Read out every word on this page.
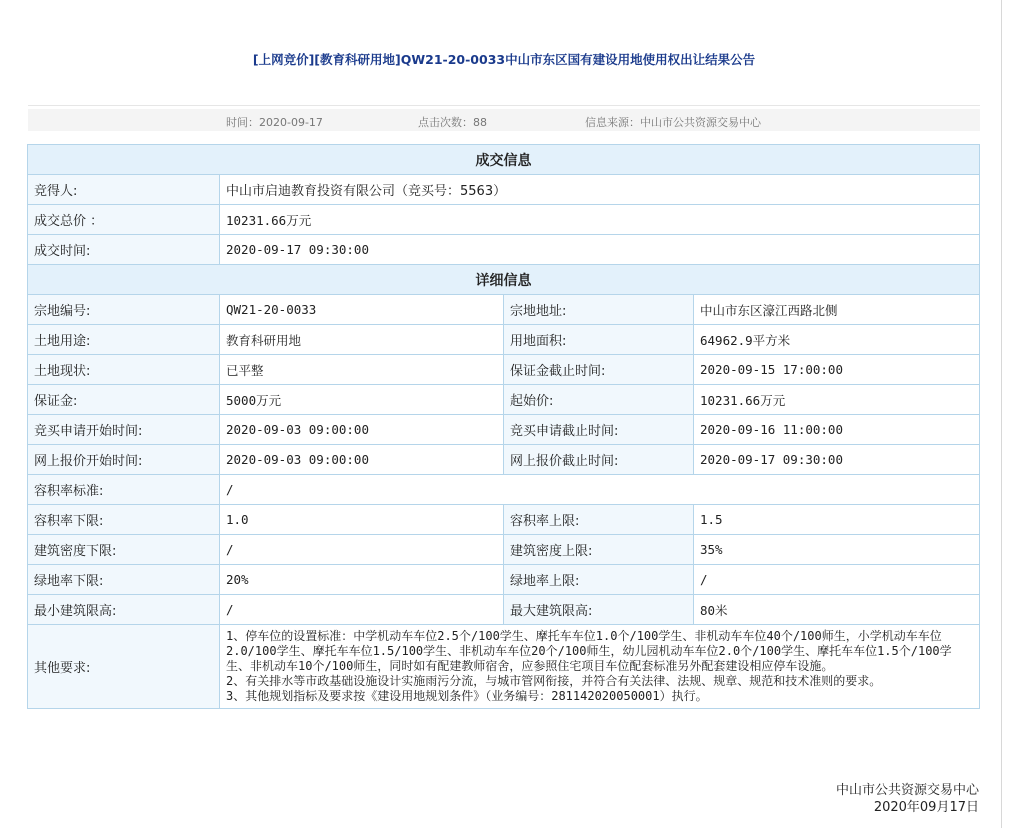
[上网竞价][教育科研用地]QW21-20-0033中山市东区国有建设用地使用权出让结果公告
时间：2020-09-17	点击次数：88	信息来源：中山市公共资源交易中心
成交信息			
竞得人:	中山市启迪教育投资有限公司（竞买号：5563）		
成交总价 ：	10231.66万元		
成交时间:	2020-09-17 09:30:00		
详细信息			
宗地编号:	QW21-20-0033	宗地地址:	中山市东区濠江西路北侧
土地用途:	教育科研用地	用地面积:	64962.9平方米
土地现状:	已平整	保证金截止时间:	2020-09-15 17:00:00
保证金:	5000万元	起始价:	10231.66万元
竞买申请开始时间:	2020-09-03 09:00:00	竞买申请截止时间:	2020-09-16 11:00:00
网上报价开始时间:	2020-09-03 09:00:00	网上报价截止时间:	2020-09-17 09:30:00
容积率标准:	/		
容积率下限:	1.0	容积率上限:	1.5
建筑密度下限:	/	建筑密度上限:	35%
绿地率下限:	20%	绿地率上限:	/
最小建筑限高:	/	最大建筑限高:	80米
其他要求:	1、停车位的设置标准：中学机动车车位2.5个/100学生、摩托车车位1.0个/100学生、非机动车车位40个/100师生，小学机动车车位2.0/100学生、摩托车车位1.5/100学生、非机动车车位20个/100师生，幼儿园机动车车位2.0个/100学生、摩托车车位1.5个/100学生、非机动车10个/100师生，同时如有配建教师宿舍，应参照住宅项目车位配套标准另外配套建设相应停车设施。
2、有关排水等市政基础设施设计实施雨污分流，与城市管网衔接，并符合有关法律、法规、规章、规范和技术准则的要求。
3、其他规划指标及要求按《建设用地规划条件》（业务编号：281142020050001）执行。		
中山市公共资源交易中心
2020年09月17日
